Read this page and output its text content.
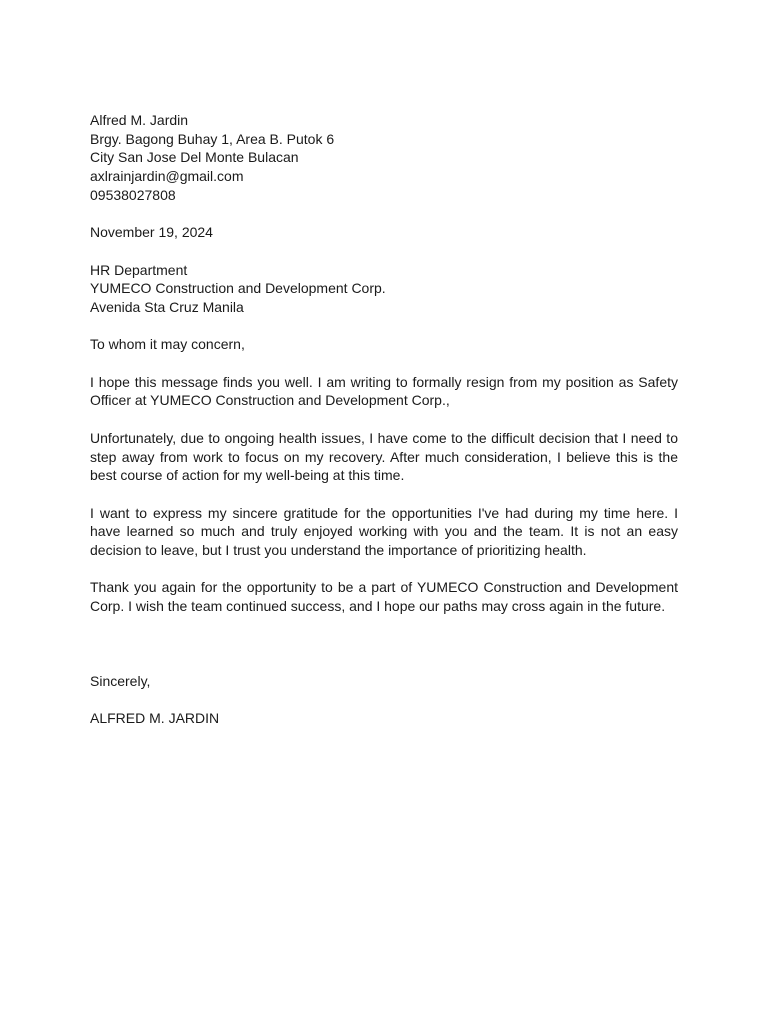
Alfred M. Jardin
Brgy. Bagong Buhay 1, Area B. Putok 6
City San Jose Del Monte Bulacan
axlrainjardin@gmail.com
09538027808
November 19, 2024
HR Department
YUMECO Construction and Development Corp.
Avenida Sta Cruz Manila
To whom it may concern,

I hope this message finds you well. I am writing to formally resign from my position as Safety Officer at YUMECO Construction and Development Corp.,

Unfortunately, due to ongoing health issues, I have come to the difficult decision that I need to step away from work to focus on my recovery. After much consideration, I believe this is the best course of action for my well-being at this time.

I want to express my sincere gratitude for the opportunities I've had during my time here. I have learned so much and truly enjoyed working with you and the team. It is not an easy decision to leave, but I trust you understand the importance of prioritizing health.

Thank you again for the opportunity to be a part of YUMECO Construction and Development Corp. I wish the team continued success, and I hope our paths may cross again in the future.

Sincerely,
ALFRED M. JARDIN
